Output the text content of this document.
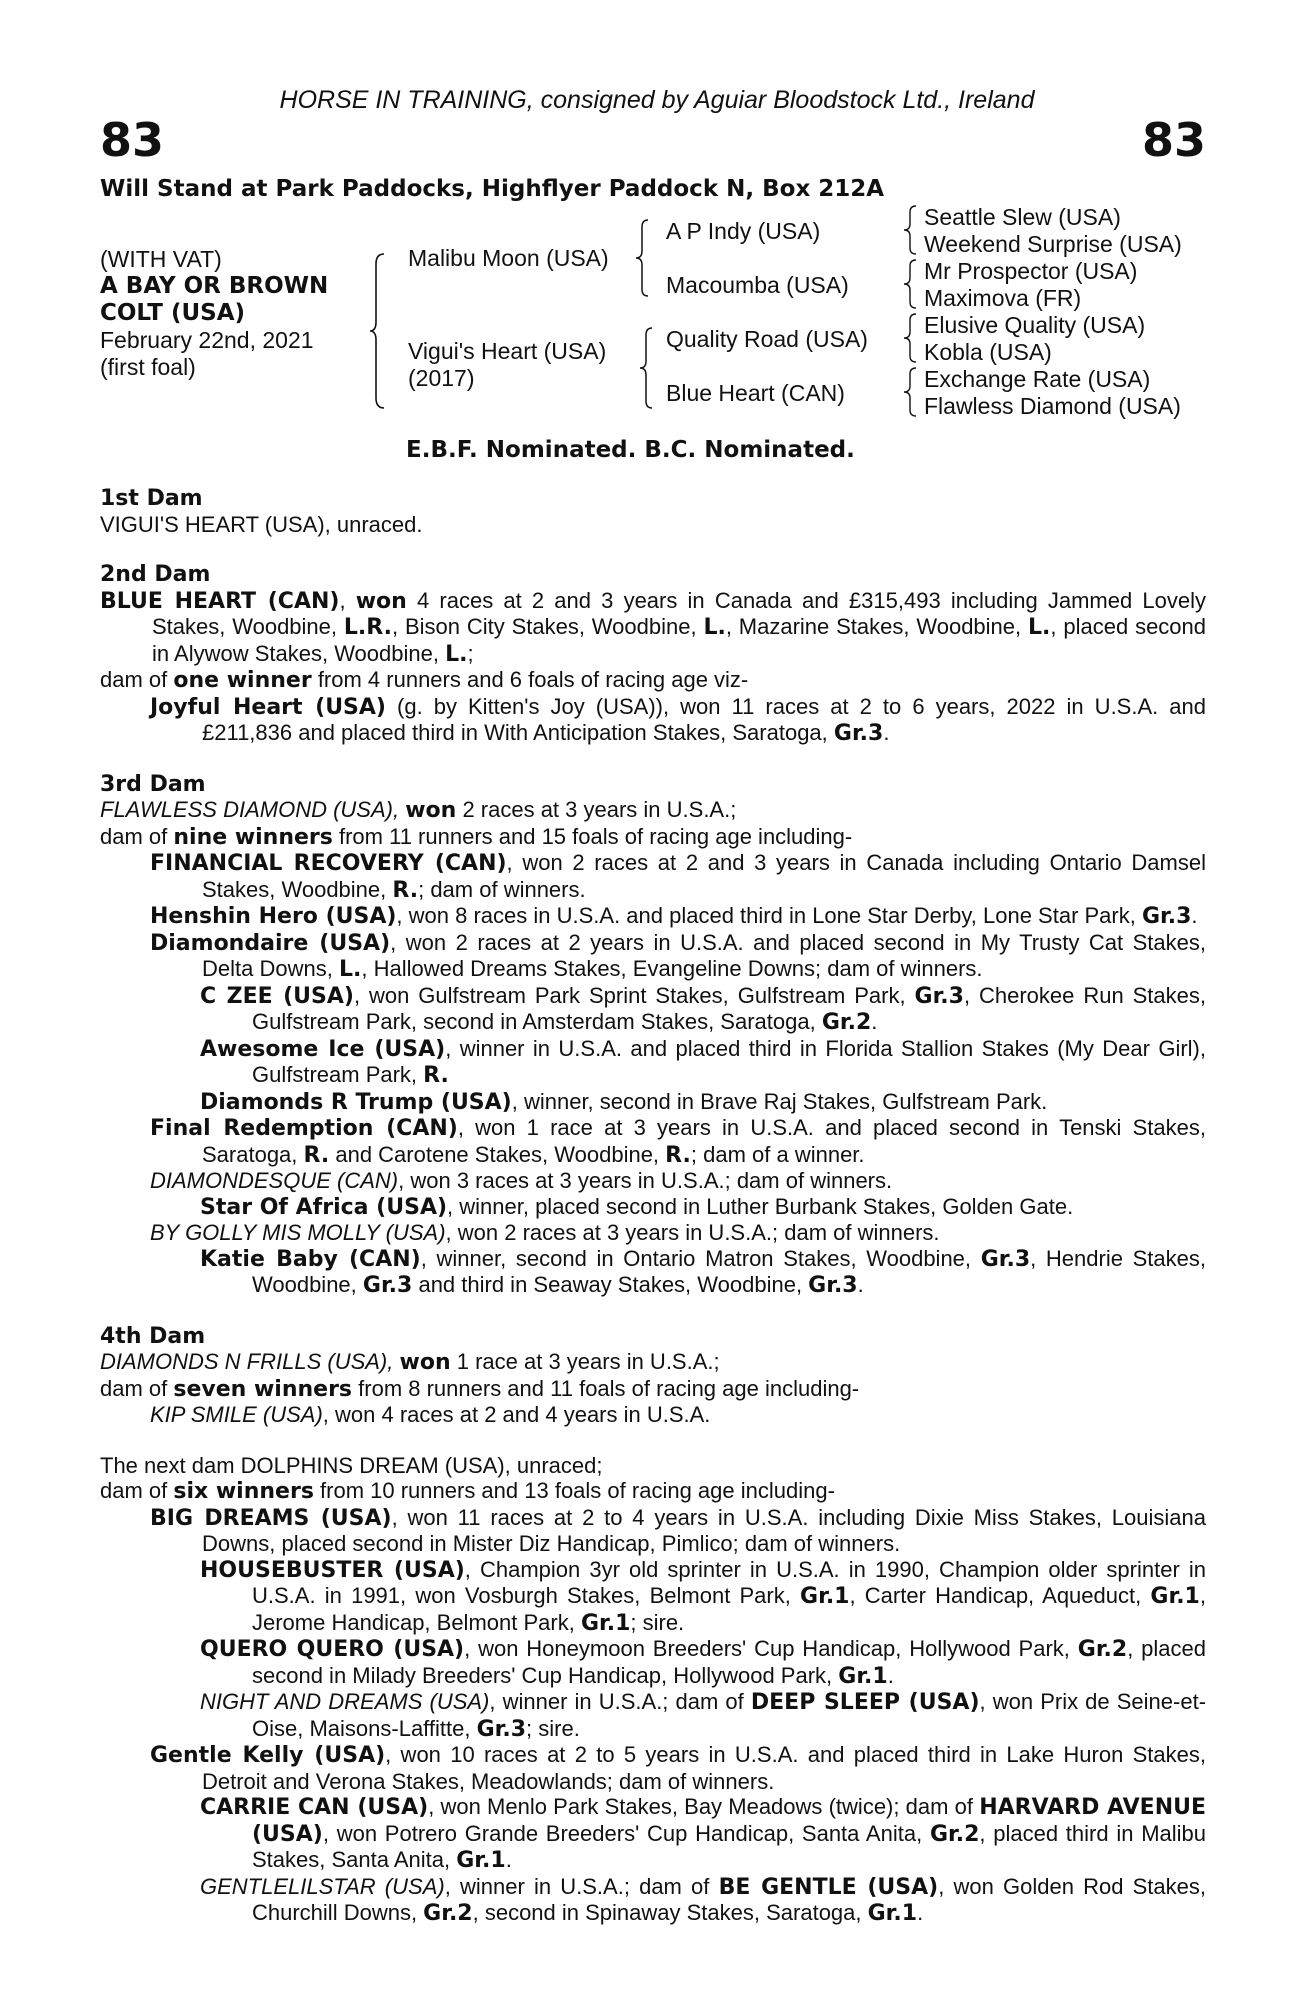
HORSE IN TRAINING, consigned by Aguiar Bloodstock Ltd., Ireland
83	83
Will Stand at Park Paddocks, Highflyer Paddock N, Box 212A
(WITH VAT)
A BAY OR BROWN
COLT (USA)
February 22nd, 2021
(first foal)
Malibu Moon (USA)
Vigui's Heart (USA)
(2017)
A P Indy (USA)
Macoumba (USA)
Quality Road (USA)
Blue Heart (CAN)
Seattle Slew (USA)
Weekend Surprise (USA)
Mr Prospector (USA)
Maximova (FR)
Elusive Quality (USA)
Kobla (USA)
Exchange Rate (USA)
Flawless Diamond (USA)
E.B.F. Nominated. B.C. Nominated.

1st Dam

VIGUI'S HEART (USA), unraced.

2nd Dam

BLUE HEART (CAN), won 4 races at 2 and 3 years in Canada and £315,493 including Jammed Lovely Stakes, Woodbine, L.R., Bison City Stakes, Woodbine, L., Mazarine Stakes, Woodbine, L., placed second in Alywow Stakes, Woodbine, L.;

dam of one winner from 4 runners and 6 foals of racing age viz-

Joyful Heart (USA) (g. by Kitten's Joy (USA)), won 11 races at 2 to 6 years, 2022 in U.S.A. and £211,836 and placed third in With Anticipation Stakes, Saratoga, Gr.3.

3rd Dam

FLAWLESS DIAMOND (USA), won 2 races at 3 years in U.S.A.;

dam of nine winners from 11 runners and 15 foals of racing age including-

FINANCIAL RECOVERY (CAN), won 2 races at 2 and 3 years in Canada including Ontario Damsel Stakes, Woodbine, R.; dam of winners.

Henshin Hero (USA), won 8 races in U.S.A. and placed third in Lone Star Derby, Lone Star Park, Gr.3.

Diamondaire (USA), won 2 races at 2 years in U.S.A. and placed second in My Trusty Cat Stakes, Delta Downs, L., Hallowed Dreams Stakes, Evangeline Downs; dam of winners.

C ZEE (USA), won Gulfstream Park Sprint Stakes, Gulfstream Park, Gr.3, Cherokee Run Stakes, Gulfstream Park, second in Amsterdam Stakes, Saratoga, Gr.2.

Awesome Ice (USA), winner in U.S.A. and placed third in Florida Stallion Stakes (My Dear Girl), Gulfstream Park, R.

Diamonds R Trump (USA), winner, second in Brave Raj Stakes, Gulfstream Park.

Final Redemption (CAN), won 1 race at 3 years in U.S.A. and placed second in Tenski Stakes, Saratoga, R. and Carotene Stakes, Woodbine, R.; dam of a winner.

DIAMONDESQUE (CAN), won 3 races at 3 years in U.S.A.; dam of winners.

Star Of Africa (USA), winner, placed second in Luther Burbank Stakes, Golden Gate.

BY GOLLY MIS MOLLY (USA), won 2 races at 3 years in U.S.A.; dam of winners.

Katie Baby (CAN), winner, second in Ontario Matron Stakes, Woodbine, Gr.3, Hendrie Stakes, Woodbine, Gr.3 and third in Seaway Stakes, Woodbine, Gr.3.

4th Dam

DIAMONDS N FRILLS (USA), won 1 race at 3 years in U.S.A.;

dam of seven winners from 8 runners and 11 foals of racing age including-

KIP SMILE (USA), won 4 races at 2 and 4 years in U.S.A.

The next dam DOLPHINS DREAM (USA), unraced;

dam of six winners from 10 runners and 13 foals of racing age including-

BIG DREAMS (USA), won 11 races at 2 to 4 years in U.S.A. including Dixie Miss Stakes, Louisiana Downs, placed second in Mister Diz Handicap, Pimlico; dam of winners.

HOUSEBUSTER (USA), Champion 3yr old sprinter in U.S.A. in 1990, Champion older sprinter in U.S.A. in 1991, won Vosburgh Stakes, Belmont Park, Gr.1, Carter Handicap, Aqueduct, Gr.1, Jerome Handicap, Belmont Park, Gr.1; sire.

QUERO QUERO (USA), won Honeymoon Breeders' Cup Handicap, Hollywood Park, Gr.2, placed second in Milady Breeders' Cup Handicap, Hollywood Park, Gr.1.

NIGHT AND DREAMS (USA), winner in U.S.A.; dam of DEEP SLEEP (USA), won Prix de Seine-et-Oise, Maisons-Laffitte, Gr.3; sire.

Gentle Kelly (USA), won 10 races at 2 to 5 years in U.S.A. and placed third in Lake Huron Stakes, Detroit and Verona Stakes, Meadowlands; dam of winners.

CARRIE CAN (USA), won Menlo Park Stakes, Bay Meadows (twice); dam of HARVARD AVENUE (USA), won Potrero Grande Breeders' Cup Handicap, Santa Anita, Gr.2, placed third in Malibu Stakes, Santa Anita, Gr.1.

GENTLELILSTAR (USA), winner in U.S.A.; dam of BE GENTLE (USA), won Golden Rod Stakes, Churchill Downs, Gr.2, second in Spinaway Stakes, Saratoga, Gr.1.
